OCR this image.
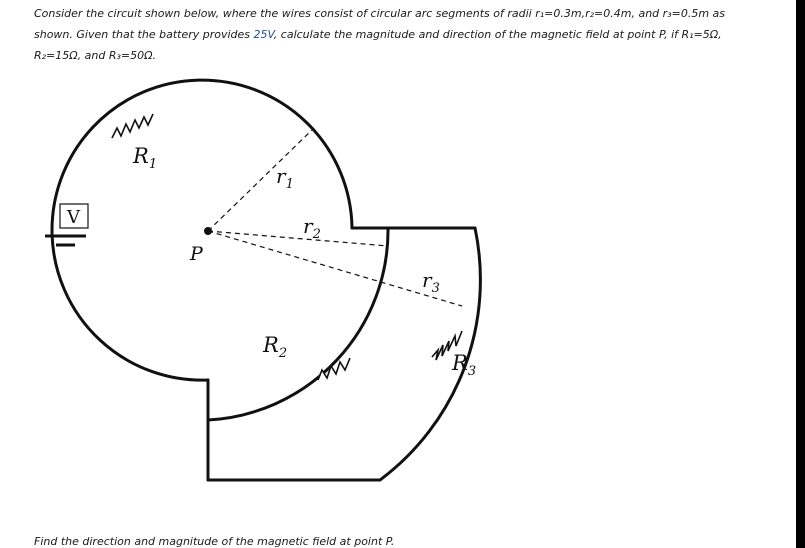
Consider the circuit shown below, where the wires consist of circular arc segments of radii r₁=0.3m,r₂=0.4m, and r₃=0.5m as
shown. Given that the battery provides 25V, calculate the magnitude and direction of the magnetic field at point P, if R₁=5Ω,
R₂=15Ω, and R₃=50Ω.
V
$R_1$
$R_2$	$R_3$
P
$r_1$
$r_2$
$r_3$
Find the direction and magnitude of the magnetic field at point P.
